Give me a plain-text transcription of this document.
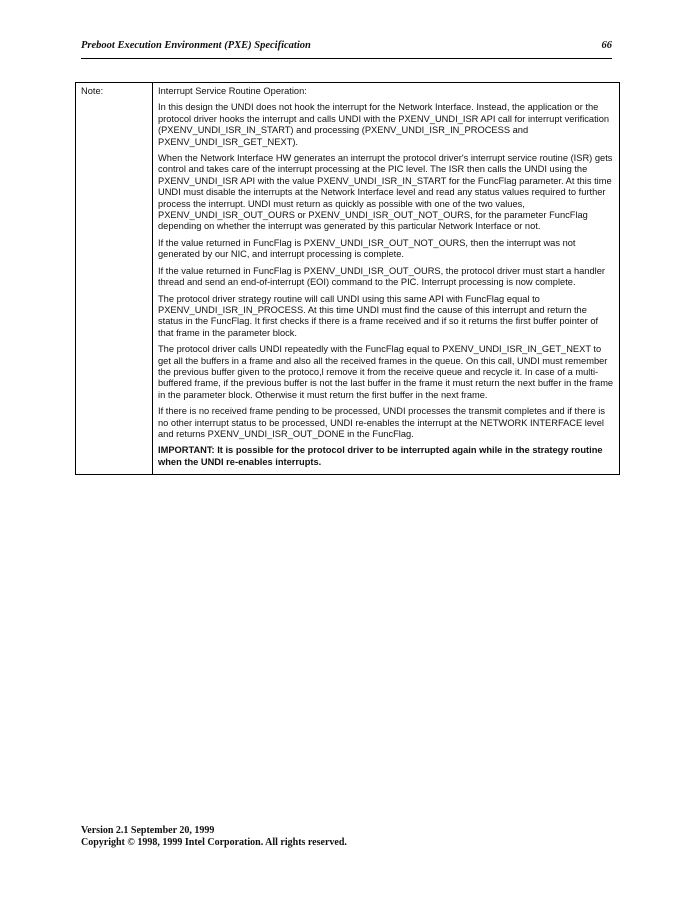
Preboot Execution Environment (PXE) Specification	66
Note:	Interrupt Service Routine Operation:

In this design the UNDI does not hook the interrupt for the Network Interface. Instead, the application or the protocol driver hooks the interrupt and calls UNDI with the PXENV_UNDI_ISR API call for interrupt verification (PXENV_UNDI_ISR_IN_START) and processing (PXENV_UNDI_ISR_IN_PROCESS and PXENV_UNDI_ISR_GET_NEXT).

When the Network Interface HW generates an interrupt the protocol driver's interrupt service routine (ISR) gets control and takes care of the interrupt processing at the PIC level. The ISR then calls the UNDI using the PXENV_UNDI_ISR API with the value PXENV_UNDI_ISR_IN_START for the FuncFlag parameter. At this time UNDI must disable the interrupts at the Network Interface level and read any status values required to further process the interrupt. UNDI must return as quickly as possible with one of the two values, PXENV_UNDI_ISR_OUT_OURS or PXENV_UNDI_ISR_OUT_NOT_OURS, for the parameter FuncFlag depending on whether the interrupt was generated by this particular Network Interface or not.

If the value returned in FuncFlag is PXENV_UNDI_ISR_OUT_NOT_OURS, then the interrupt was not generated by our NIC, and interrupt processing is complete.

If the value returned in FuncFlag is PXENV_UNDI_ISR_OUT_OURS, the protocol driver must start a handler thread and send an end-of-interrupt (EOI) command to the PIC. Interrupt processing is now complete.

The protocol driver strategy routine will call UNDI using this same API with FuncFlag equal to PXENV_UNDI_ISR_IN_PROCESS. At this time UNDI must find the cause of this interrupt and return the status in the FuncFlag. It first checks if there is a frame received and if so it returns the first buffer pointer of that frame in the parameter block.

The protocol driver calls UNDI repeatedly with the FuncFlag equal to PXENV_UNDI_ISR_IN_GET_NEXT to get all the buffers in a frame and also all the received frames in the queue. On this call, UNDI must remember the previous buffer given to the proto​co,l remove it from the receive queue and recycle it. In case of a multi-buffered frame, if the previous buffer is not the last buffer in the frame it must return the next buffer in the frame in the parameter block. Otherwise it must return the first buffer in the next frame.

If there is no received frame pending to be processed, UNDI processes the transmit completes and if there is no other interrupt status to be processed, UNDI re-enables the interrupt at the NETWORK INTERFACE level and returns PXENV_UNDI_ISR_OUT_DONE in the FuncFlag.

IMPORTANT: It is possible for the protocol driver to be interrupted again while in the strategy routine when the UNDI re-enables interrupts.

Version 2.1 September 20, 1999
Copyright © 1998, 1999 Intel Corporation. All rights reserved.
